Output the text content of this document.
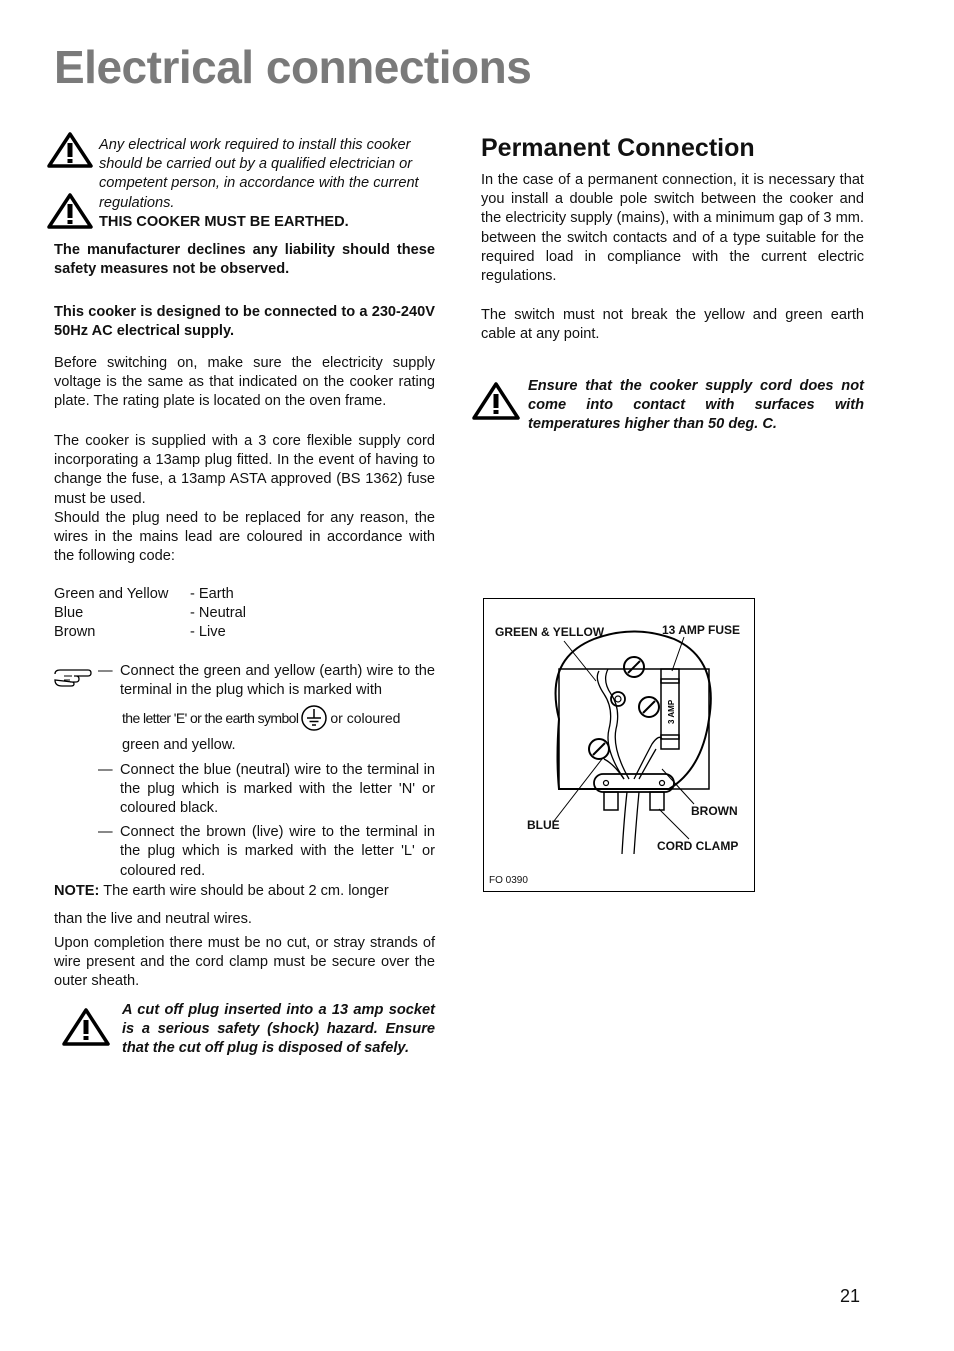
Electrical connections

Any electrical work required to install this cooker

should be carried out by a qualified electrician or

competent person, in accordance with the current

regulations.

THIS COOKER MUST BE EARTHED.

The manufacturer declines any liability should these safety measures not be observed.

This cooker is designed to be connected to a 230-240V 50Hz AC electrical supply.

Before switching on, make sure the electricity supply voltage is the same as that indicated on the cooker rating plate. The rating plate is located on the oven frame.

The cooker is supplied with a 3 core flexible supply cord incorporating a 13amp plug fitted. In the event of having to change the fuse, a 13amp ASTA approved (BS 1362) fuse must be used.

Should the plug need to be replaced for any reason, the wires in the mains lead are coloured in accordance with the following code:

Green and Yellow	- Earth
Blue	- Neutral
Brown	- Live
— Connect the green and yellow (earth) wire to the terminal in the plug which is marked with
the letter 'E' or the earth symbol or coloured

green and yellow.

— Connect the blue (neutral) wire to the terminal in the plug which is marked with the letter 'N' or coloured black.

— Connect the brown (live) wire to the terminal in the plug which is marked with the letter 'L' or coloured red.

NOTE: The earth wire should be about 2 cm. longer

than the live and neutral wires.

Upon completion there must be no cut, or stray strands of wire present and the cord clamp must be secure over the outer sheath.

A cut off plug inserted into a 13 amp socket is a serious safety (shock) hazard. Ensure that the cut off plug is disposed of safely.

Permanent Connection

In the case of a permanent connection, it is necessary that you install a double pole switch between the cooker and the electricity supply (mains), with a minimum gap of 3 mm. between the switch contacts and of a type suitable for the required load in compliance with the current electric regulations.

The switch must not break the yellow and green earth cable at any point.

Ensure that the cooker supply cord does not come into contact with surfaces with temperatures higher than 50 deg. C.

3 AMP
GREEN & YELLOW	13 AMP FUSE
BROWN
BLUE
CORD CLAMP
FO 0390
21
